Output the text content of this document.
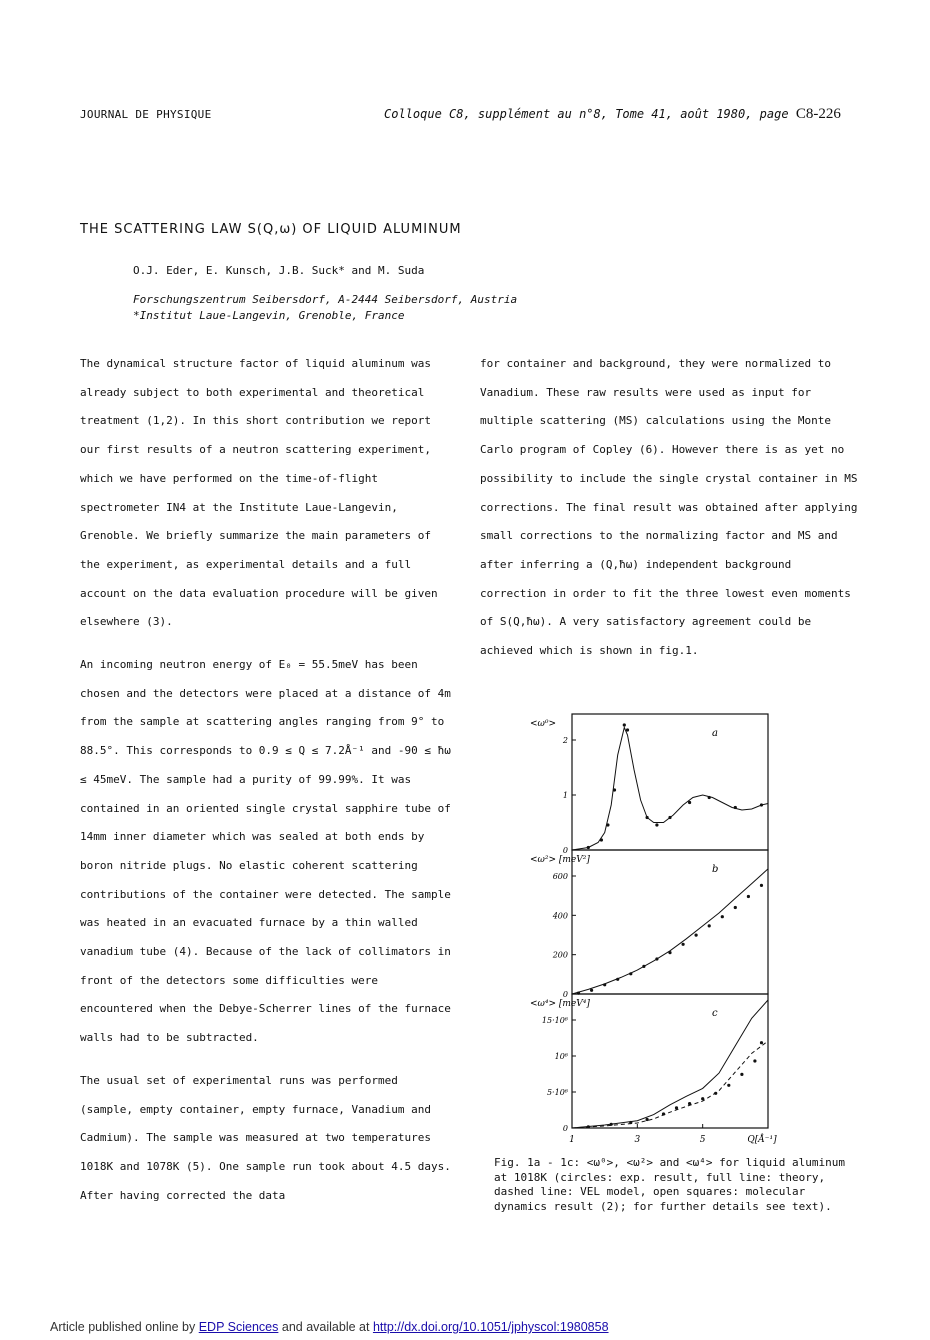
JOURNAL DE PHYSIQUE	Colloque C8, supplément au n°8, Tome 41, août 1980, page C8-226
THE SCATTERING LAW S(Q,ω) OF LIQUID ALUMINUM
O.J. Eder, E. Kunsch, J.B. Suck* and M. Suda
Forschungszentrum Seibersdorf, A-2444 Seibersdorf, Austria
*Institut Laue-Langevin, Grenoble, France

The dynamical structure factor of liquid aluminum was already subject to both experimental and theoretical treatment (1,2). In this short contribution we report our first results of a neutron scattering experiment, which we have performed on the time-of-flight spectrometer IN4 at the Institute Laue-Langevin, Grenoble. We briefly summarize the main parameters of the experiment, as experimental details and a full account on the data evaluation procedure will be given elsewhere (3).

An incoming neutron energy of E₀ = 55.5meV has been chosen and the detectors were placed at a distance of 4m from the sample at scattering angles ranging from 9° to 88.5°. This corresponds to 0.9 ≤ Q ≤ 7.2Å⁻¹ and -90 ≤ ħω ≤ 45meV. The sample had a purity of 99.99%. It was contained in an oriented single crystal sapphire tube of 14mm inner diameter which was sealed at both ends by boron nitride plugs. No elastic coherent scattering contributions of the container were detected. The sample was heated in an evacuated furnace by a thin walled vanadium tube (4). Because of the lack of collimators in front of the detectors some difficulties were encountered when the Debye-Scherrer lines of the furnace walls had to be subtracted.

The usual set of experimental runs was performed (sample, empty container, empty furnace, Vanadium and Cadmium). The sample was measured at two temperatures 1018K and 1078K (5). One sample run took about 4.5 days. After having corrected the data

for container and background, they were normalized to Vanadium. These raw results were used as input for multiple scattering (MS) calculations using the Monte Carlo program of Copley (6). However there is as yet no possibility to include the single crystal container in MS corrections. The final result was obtained after applying small corrections to the normalizing factor and MS and after inferring a (Q,ħω) independent background correction in order to fit the three lowest even moments of S(Q,ħω). A very satisfactory agreement could be achieved which is shown in fig.1.

<ω⁰>
a
2
1
0
<ω²> [meV²]
b
600
400
200
0
<ω⁴> [meV⁴]
c
15·10⁶
10⁶
5·10⁶
0
1	3	5	Q[Å⁻¹]
Fig. 1a - 1c: <ω⁰>, <ω²> and <ω⁴> for liquid aluminum at 1018K (circles: exp. result, full line: theory, dashed line: VEL model, open squares: molecular dynamics result (2); for further details see text).
Article published online by EDP Sciences and available at http://dx.doi.org/10.1051/jphyscol:1980858
